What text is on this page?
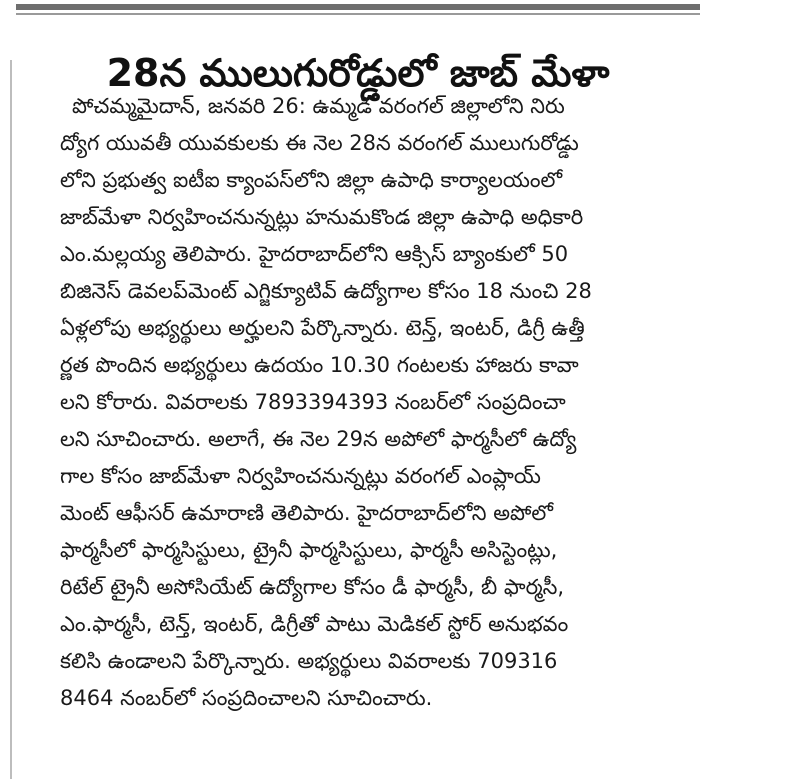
28న ములుగురోడ్డులో జాబ్ మేళా
పోచమ్మమైదాన్, జనవరి 26: ఉమ్మడి వరంగల్ జిల్లాలోని నిరు
ద్యోగ యువతీ యువకులకు ఈ నెల 28న వరంగల్ ములుగురోడ్డు
లోని ప్రభుత్వ ఐటీఐ క్యాంపస్‌లోని జిల్లా ఉపాధి కార్యాలయంలో
జాబ్‌మేళా నిర్వహించనున్నట్లు హనుమకొండ జిల్లా ఉపాధి అధికారి
ఎం.మల్లయ్య తెలిపారు. హైదరాబాద్‌లోని ఆక్సిస్ బ్యాంకులో 50
బిజినెస్ డెవలప్‌మెంట్ ఎగ్జిక్యూటివ్ ఉద్యోగాల కోసం 18 నుంచి 28
ఏళ్లలోపు అభ్యర్థులు అర్హులని పేర్కొన్నారు. టెన్త్, ఇంటర్, డిగ్రీ ఉత్తీ
ర్ణత పొందిన అభ్యర్థులు ఉదయం 10.30 గంటలకు హాజరు కావా
లని కోరారు. వివరాలకు 7893394393 నంబర్‌లో సంప్రదించా
లని సూచించారు. అలాగే, ఈ నెల 29న అపోలో ఫార్మసీలో ఉద్యో
గాల కోసం జాబ్‌మేళా నిర్వహించనున్నట్లు వరంగల్ ఎంప్లాయ్
మెంట్ ఆఫీసర్ ఉమారాణి తెలిపారు. హైదరాబాద్‌లోని అపోలో
ఫార్మసీలో ఫార్మసిస్టులు, ట్రైనీ ఫార్మసిస్టులు, ఫార్మసీ అసిస్టెంట్లు,
రిటేల్ ట్రైనీ అసోసియేట్ ఉద్యోగాల కోసం డీ ఫార్మసీ, బీ ఫార్మసీ,
ఎం.ఫార్మసీ, టెన్త్, ఇంటర్, డిగ్రీతో పాటు మెడికల్ స్టోర్ అనుభవం
కలిసి ఉండాలని పేర్కొన్నారు. అభ్యర్థులు వివరాలకు 709316
8464 నంబర్‌లో సంప్రదించాలని సూచించారు.
